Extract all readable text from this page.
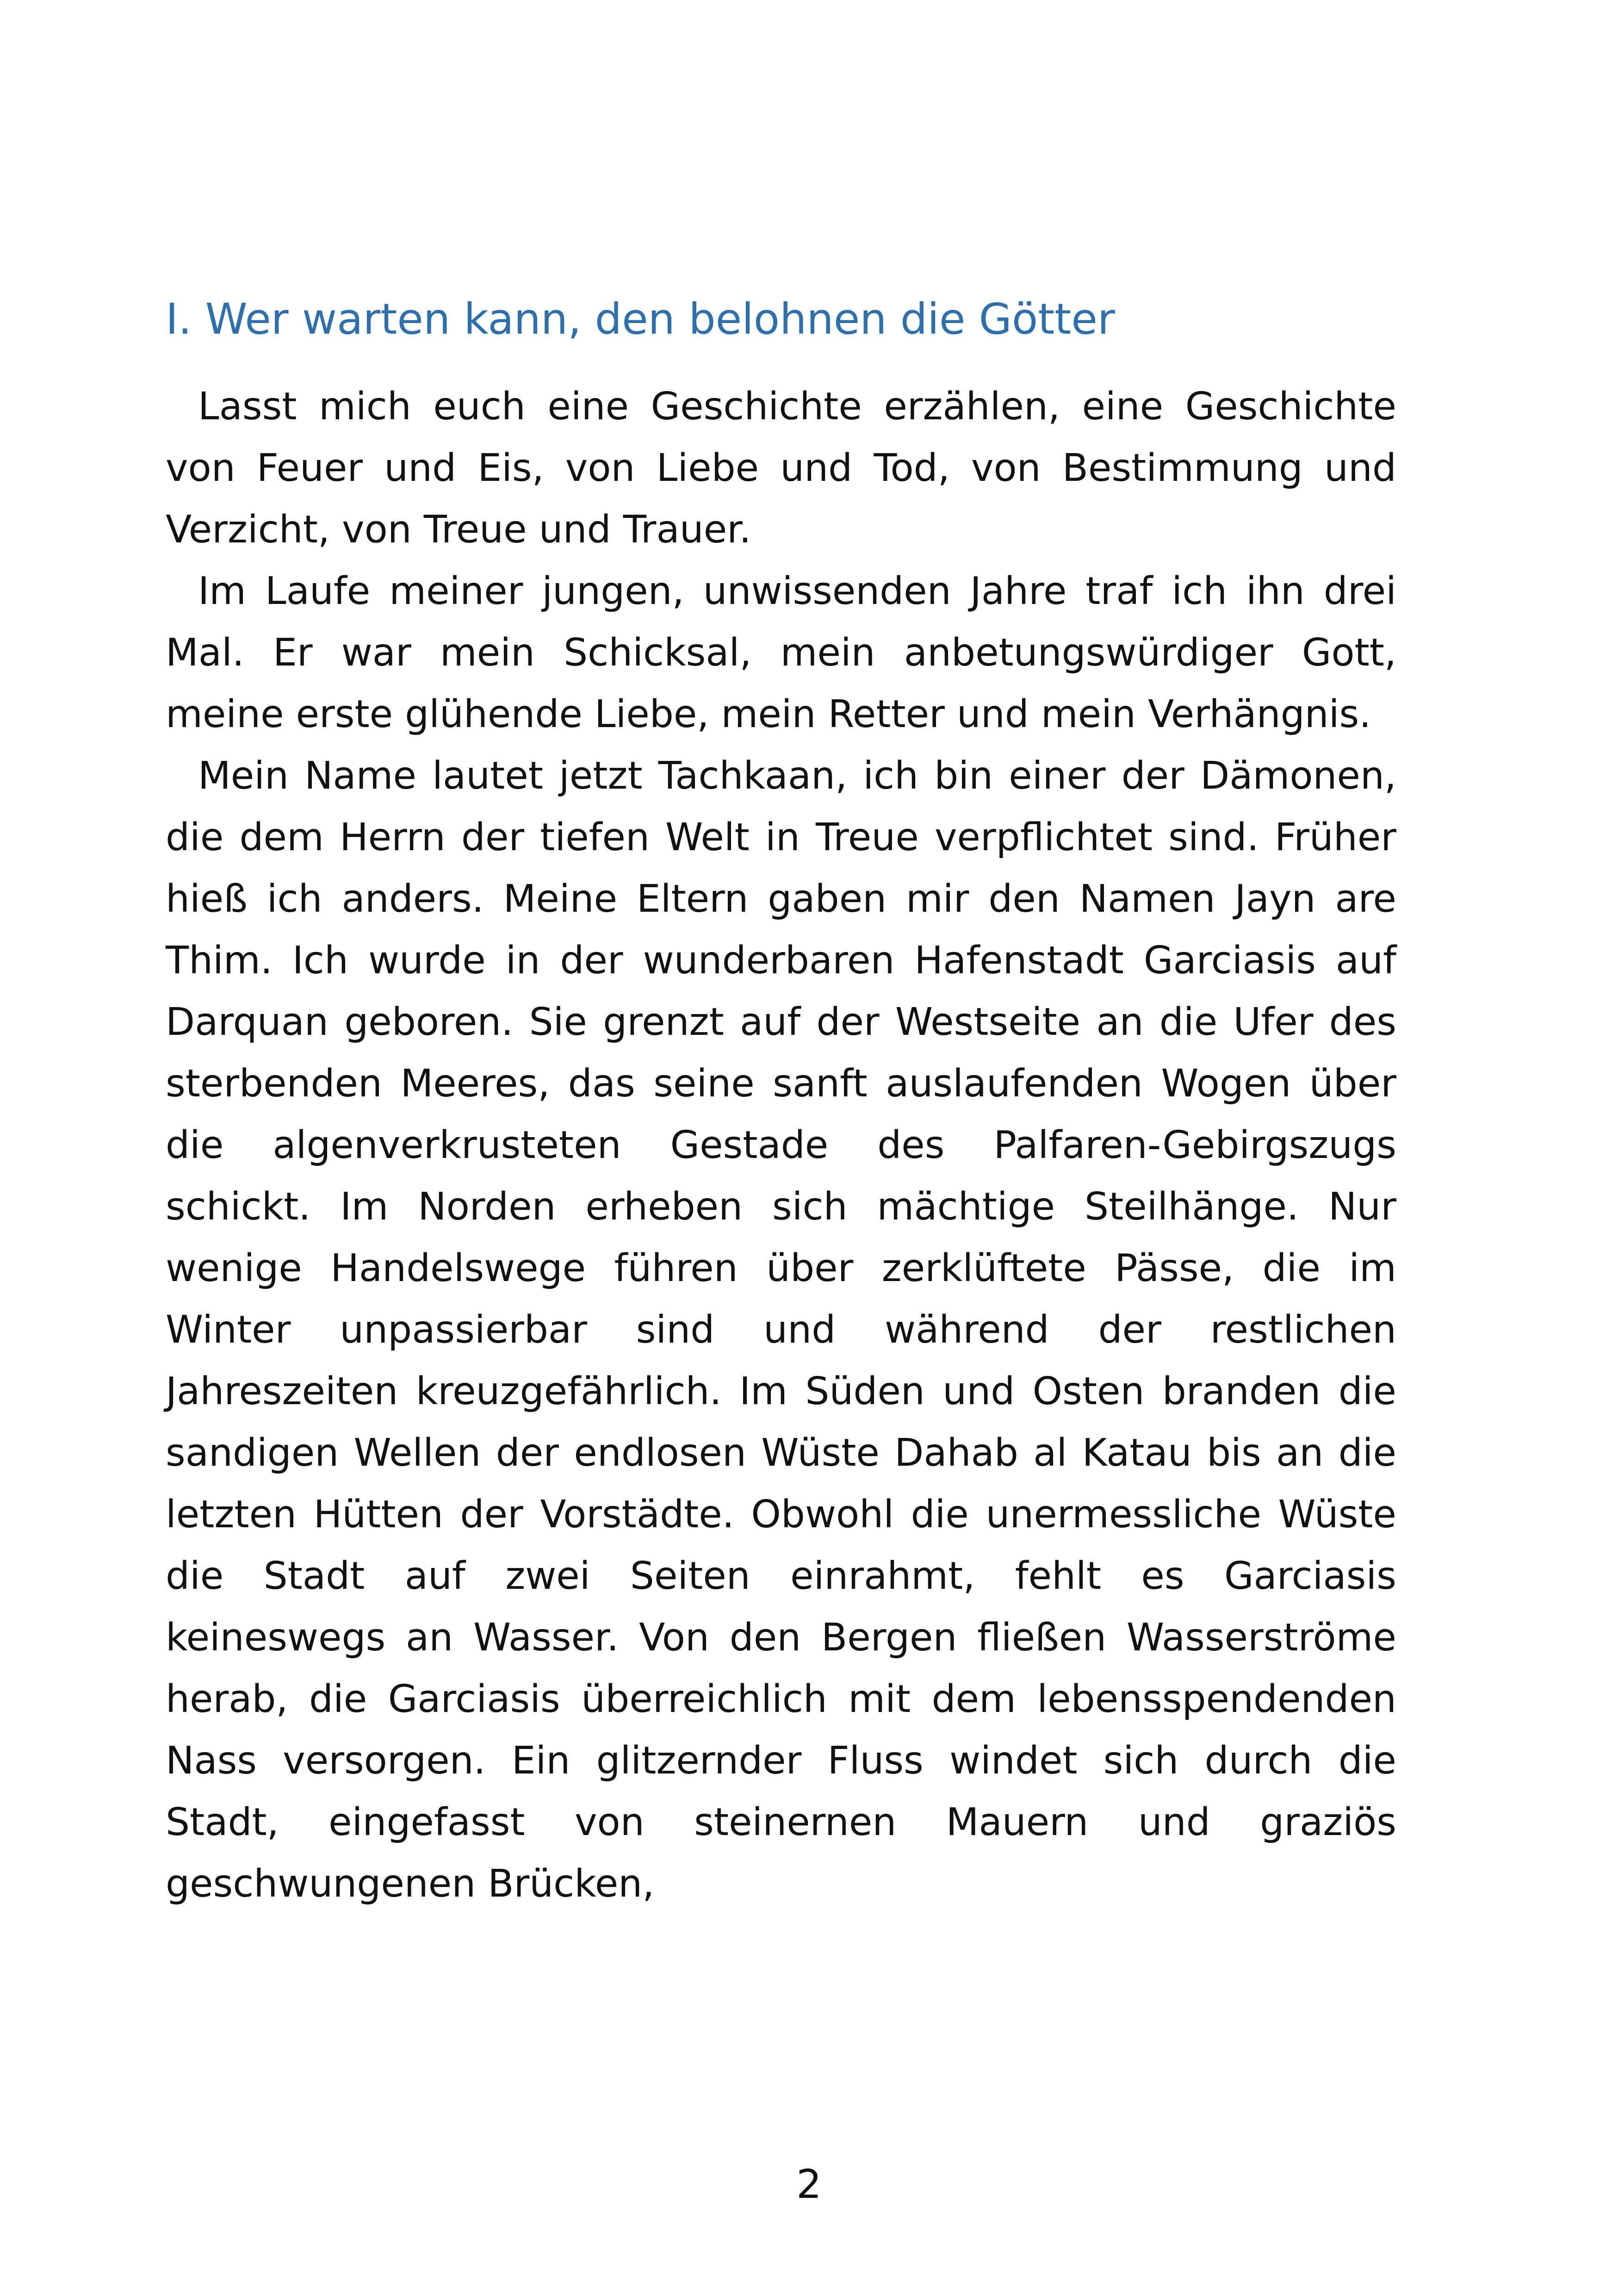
I. Wer warten kann, den belohnen die Götter

Lasst mich euch eine Geschichte erzählen, eine Geschichte von Feuer und Eis, von Liebe und Tod, von Bestimmung und Verzicht, von Treue und Trauer.

Im Laufe meiner jungen, unwissenden Jahre traf ich ihn drei Mal. Er war mein Schicksal, mein anbetungswürdiger Gott, meine erste glühende Liebe, mein Retter und mein Verhängnis.

Mein Name lautet jetzt Tachkaan, ich bin einer der Dämonen, die dem Herrn der tiefen Welt in Treue verpflichtet sind. Früher hieß ich anders. Meine Eltern gaben mir den Namen Jayn are Thim. Ich wurde in der wunderbaren Hafenstadt Garciasis auf Darquan geboren. Sie grenzt auf der Westseite an die Ufer des sterbenden Meeres, das seine sanft auslaufenden Wogen über die algenverkrusteten Gestade des Palfaren-Gebirgszugs schickt. Im Norden erheben sich mächtige Steilhänge. Nur wenige Handelswege führen über zerklüftete Pässe, die im Winter unpassierbar sind und während der restlichen Jahreszeiten kreuzgefährlich. Im Süden und Osten branden die sandigen Wellen der endlosen Wüste Dahab al Katau bis an die letzten Hütten der Vorstädte. Obwohl die unermessliche Wüste die Stadt auf zwei Seiten einrahmt, fehlt es Garciasis keineswegs an Wasser. Von den Bergen fließen Wasserströme herab, die Garciasis überreichlich mit dem lebensspendenden Nass versorgen. Ein glitzernder Fluss windet sich durch die Stadt, eingefasst von steinernen Mauern und graziös geschwungenen Brücken,

2
